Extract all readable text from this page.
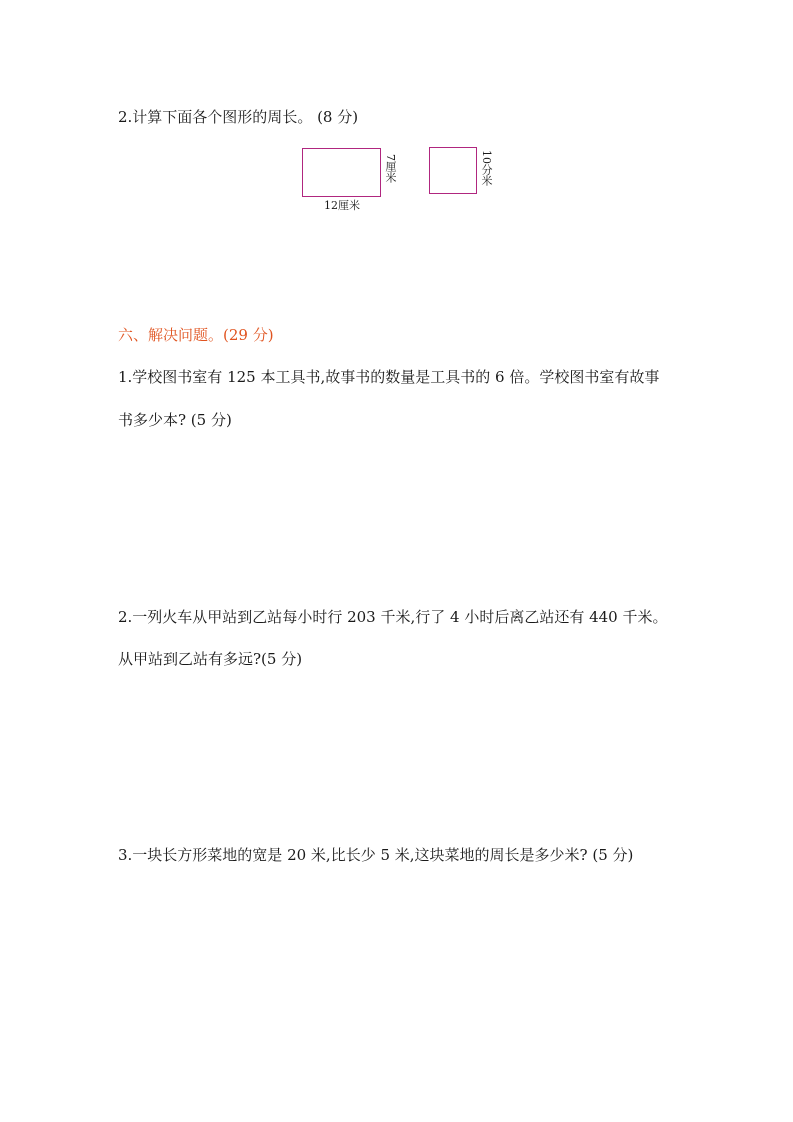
2.计算下面各个图形的周长。 (8 分)
12厘米
7厘米	10分米
六、解决问题。(29 分)
1.学校图书室有 125 本工具书,故事书的数量是工具书的 6 倍。学校图书室有故事
书多少本? (5 分)
2.一列火车从甲站到乙站每小时行 203 千米,行了 4 小时后离乙站还有 440 千米。
从甲站到乙站有多远?(5 分)
3.一块长方形菜地的宽是 20 米,比长少 5 米,这块菜地的周长是多少米? (5 分)
